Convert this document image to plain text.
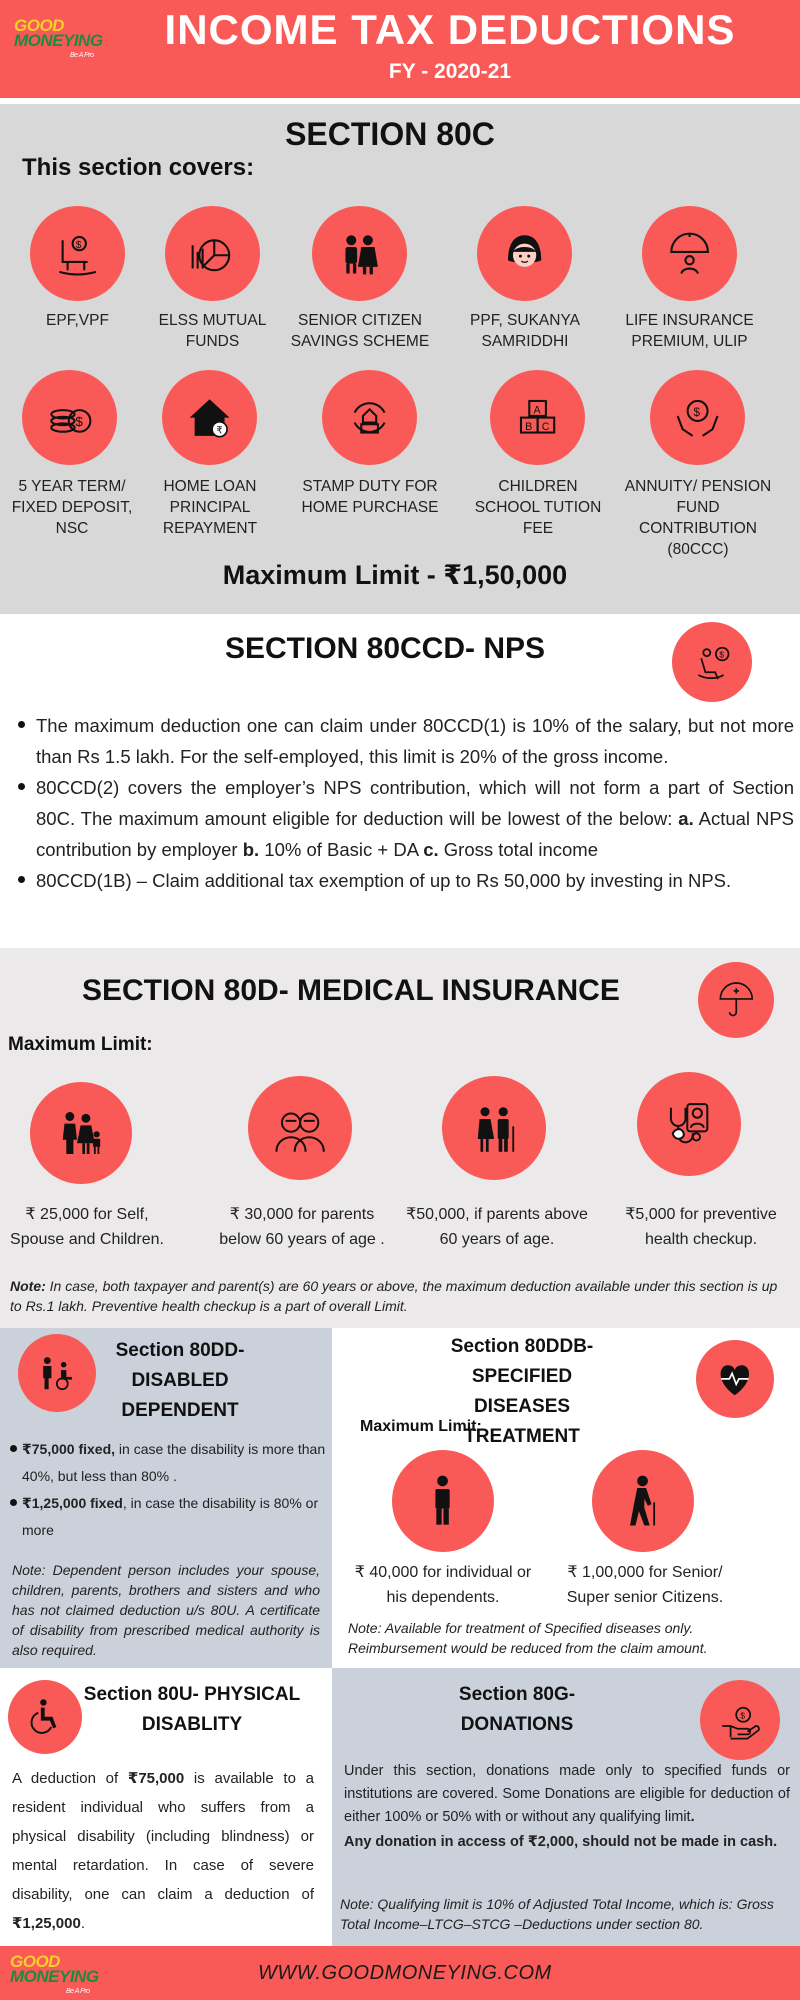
GOOD
MONEYING
Be A Pro
INCOME TAX DEDUCTIONS
FY - 2020-21
SECTION 80C
This section covers:
$
EPF,VPF	ELSS MUTUAL FUNDS
SENIOR CITIZEN SAVINGS SCHEME
PPF, SUKANYA SAMRIDDHI
LIFE INSURANCE PREMIUM, ULIP
$
5 YEAR TERM/ FIXED DEPOSIT, NSC
₹
HOME LOAN PRINCIPAL REPAYMENT
STAMP DUTY FOR HOME PURCHASE
A
B C
CHILDREN SCHOOL TUTION FEE
$
ANNUITY/ PENSION FUND CONTRIBUTION (80CCC)
Maximum Limit - ₹1,50,000
SECTION 80CCD- NPS	$
The maximum deduction one can claim under 80CCD(1) is 10% of the salary, but not more than Rs 1.5 lakh. For the self-employed, this limit is 20% of the gross income.
80CCD(2) covers the employer’s NPS contribution, which will not form a part of Section 80C. The maximum amount eligible for deduction will be lowest of the below: a. Actual NPS contribution by employer b. 10% of Basic + DA c. Gross total income
80CCD(1B) – Claim additional tax exemption of up to Rs 50,000 by investing in NPS.
SECTION 80D- MEDICAL INSURANCE
Maximum Limit:
₹ 25,000 for Self, Spouse and Children.
₹ 30,000 for parents below 60 years of age .
₹50,000, if parents above 60 years of age.
₹5,000 for preventive health checkup.
Note: In case, both taxpayer and parent(s) are 60 years or above, the maximum deduction available under this section is up to Rs.1 lakh. Preventive health checkup is a part of overall Limit.
Section 80DD- DISABLED DEPENDENT
₹75,000 fixed, in case the disability is more than 40%, but less than 80% .
₹1,25,000 fixed, in case the disability is 80% or more
Note: Dependent person includes your spouse, children, parents, brothers and sisters and who has not claimed deduction u/s 80U. A certificate of disability from prescribed medical authority is also required.
Section 80DDB- SPECIFIED DISEASES TREATMENT
Maximum Limit:
₹ 40,000 for individual or his dependents.
₹ 1,00,000 for Senior/ Super senior Citizens.
Note: Available for treatment of Specified diseases only. Reimbursement would be reduced from the claim amount.
Section 80U- PHYSICAL DISABLITY
A deduction of ₹75,000 is available to a resident individual who suffers from a physical disability (including blindness) or mental retardation. In case of severe disability, one can claim a deduction of ₹1,25,000.
Section 80G- DONATIONS	$
Under this section, donations made only to specified funds or institutions are covered. Some Donations are eligible for deduction of either 100% or 50% with or without any qualifying limit.
Any donation in access of ₹2,000, should not be made in cash.
Note: Qualifying limit is 10% of Adjusted Total Income, which is: Gross Total Income–LTCG–STCG –Deductions under section 80.
GOOD
MONEYING
Be A Pro
WWW.GOODMONEYING.COM
